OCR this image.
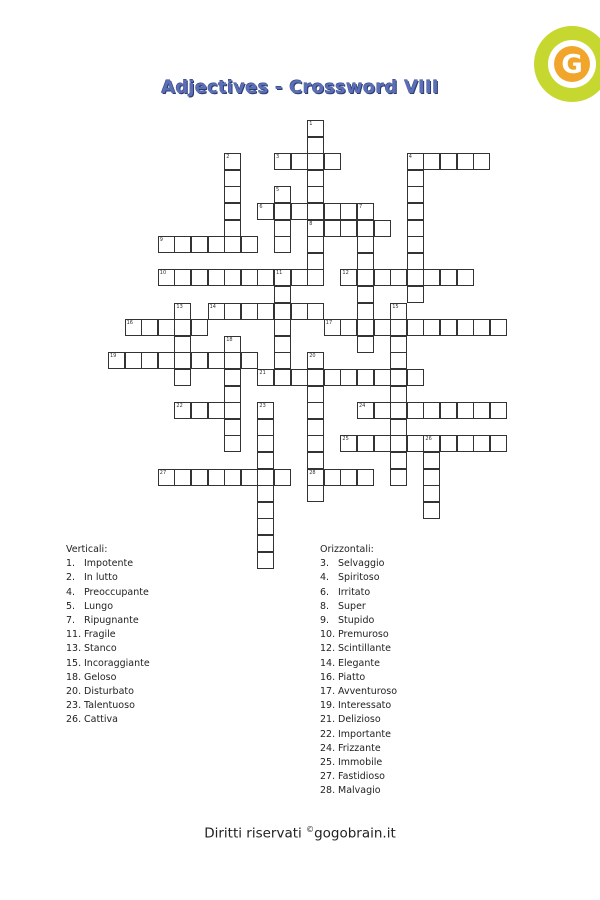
G
Adjectives - Crossword VIII
1
8
2	3	4
5
6	7
9
10	11	12
13	14	15
16	17
18
19	20
28
21
22	23	24
25	26
27
Verticali:
1. Impotente
2. In lutto
4. Preoccupante
5. Lungo
7. Ripugnante
11. Fragile
13. Stanco
15. Incoraggiante
18. Geloso
20. Disturbato
23. Talentuoso
26. Cattiva
Orizzontali:
3. Selvaggio
4. Spiritoso
6. Irritato
8. Super
9. Stupido
10. Premuroso
12. Scintillante
14. Elegante
16. Piatto
17. Avventuroso
19. Interessato
21. Delizioso
22. Importante
24. Frizzante
25. Immobile
27. Fastidioso
28. Malvagio
Diritti riservati ©gogobrain.it
